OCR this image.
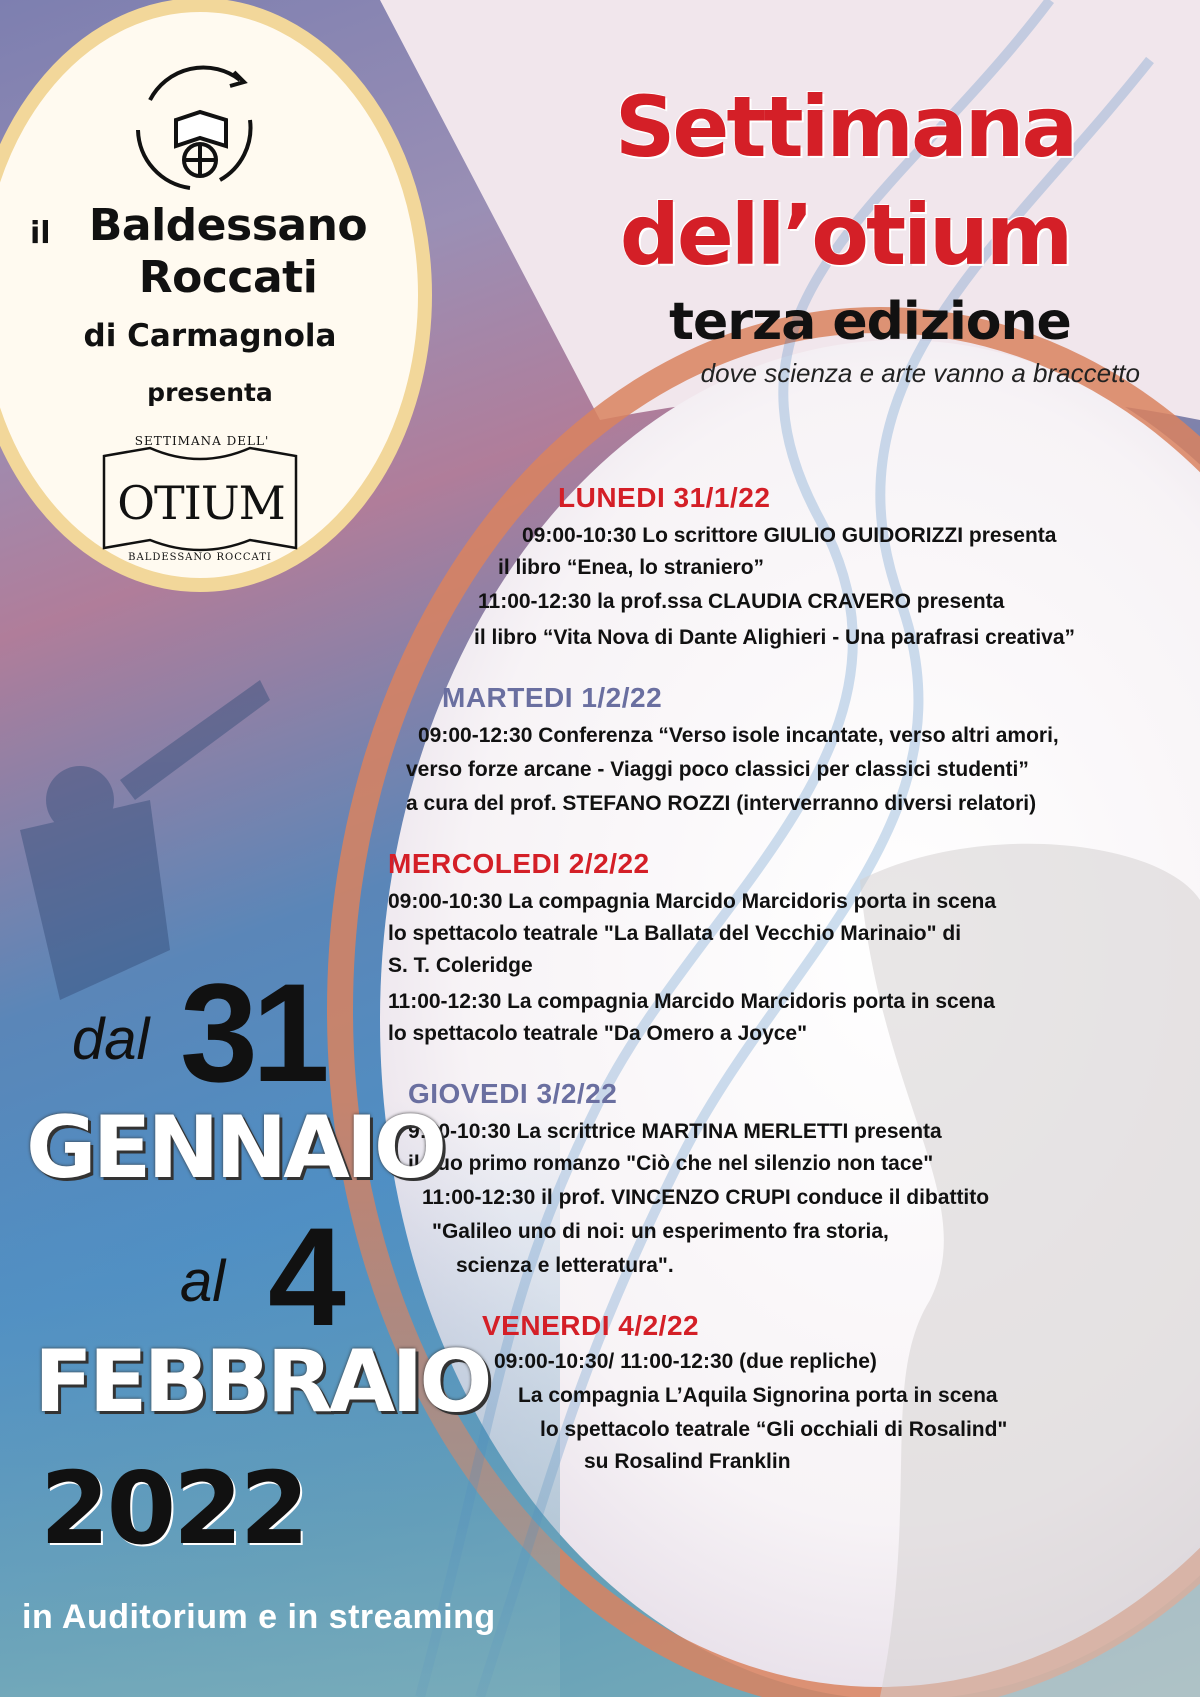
il Baldessano
Roccati
di Carmagnola
presenta
SETTIMANA DELL'
OTIUM
BALDESSANO ROCCATI
Settimana
dell’otium
terza edizione
dove scienza e arte vanno a braccetto
LUNEDI 31/1/22
09:00-10:30 Lo scrittore GIULIO GUIDORIZZI presenta
il libro “Enea, lo straniero”
11:00-12:30 la prof.ssa CLAUDIA CRAVERO presenta
il libro “Vita Nova di Dante Alighieri - Una parafrasi creativa”
MARTEDI 1/2/22
09:00-12:30 Conferenza “Verso isole incantate, verso altri amori,
verso forze arcane - Viaggi poco classici per classici studenti”
a cura del prof. STEFANO ROZZI (interverranno diversi relatori)
MERCOLEDI 2/2/22
09:00-10:30 La compagnia Marcido Marcidoris porta in scena
lo spettacolo teatrale "La Ballata del Vecchio Marinaio" di
S. T. Coleridge
11:00-12:30 La compagnia Marcido Marcidoris porta in scena
lo spettacolo teatrale "Da Omero a Joyce"
GIOVEDI 3/2/22
9:00-10:30 La scrittrice MARTINA MERLETTI presenta
il suo primo romanzo "Ciò che nel silenzio non tace"
11:00-12:30 il prof. VINCENZO CRUPI conduce il dibattito
"Galileo uno di noi: un esperimento fra storia,
scienza e letteratura".
VENERDI 4/2/22
09:00-10:30/ 11:00-12:30 (due repliche)
La compagnia L’Aquila Signorina porta in scena
lo spettacolo teatrale “Gli occhiali di Rosalind"
su Rosalind Franklin
dal 31
GENNAIO
al 4
FEBBRAIO
2022
in Auditorium e in streaming
